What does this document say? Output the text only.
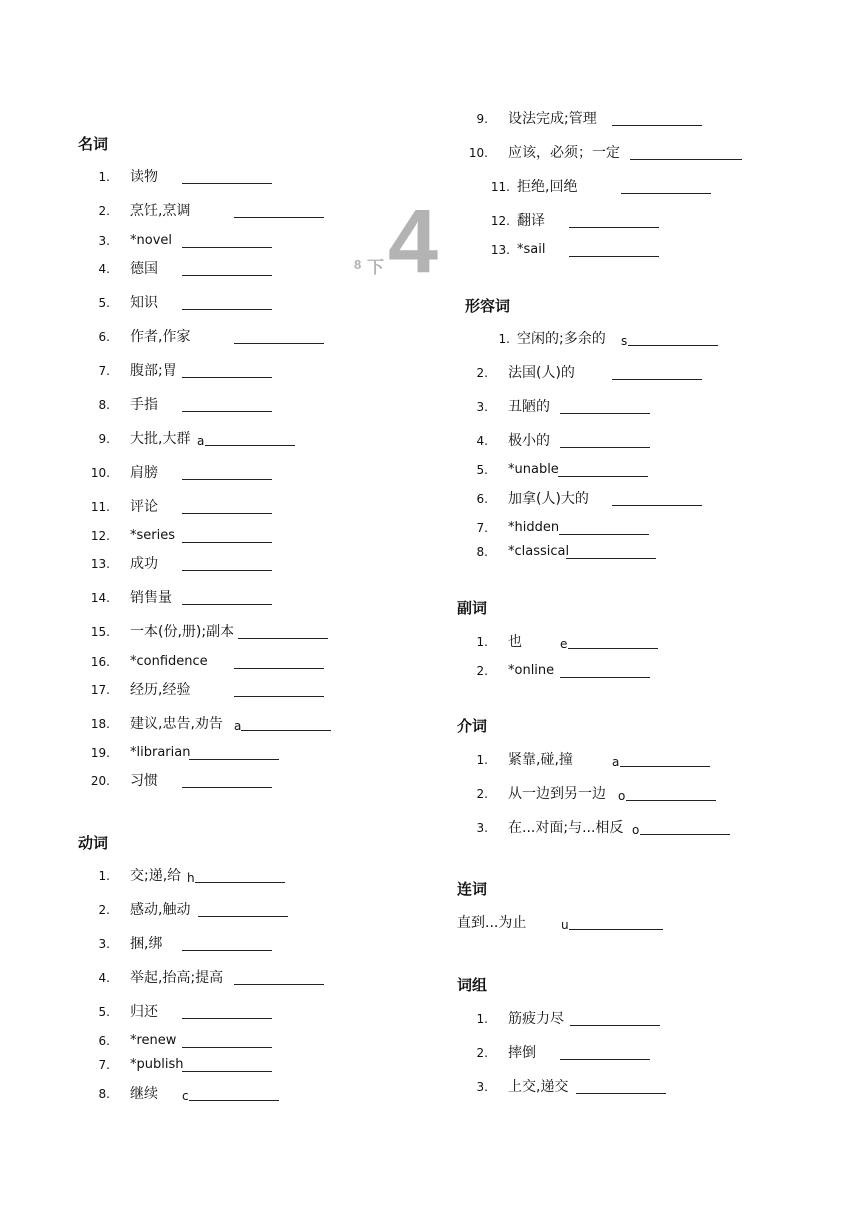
8 下 4
名词
动词
形容词
副词
介词
连词
词组
1. 读物
2. 烹饪,烹调
3. *novel
4. 德国
5. 知识
6. 作者,作家
7. 腹部;胃
8. 手指
9. 大批,大群 a
10. 肩膀
11. 评论
12. *series
13. 成功
14. 销售量
15. 一本(份,册);副本
16. *confidence
17. 经历,经验
18. 建议,忠告,劝告 a
19. *librarian
20. 习惯
1. 交;递,给 h
2. 感动,触动
3. 捆,绑
4. 举起,抬高;提高
5. 归还
6. *renew
7. *publish
8. 继续 c
9. 设法完成;管理
10. 应该，必须；一定
11. 拒绝,回绝
12. 翻译
13. *sail
1. 空闲的;多余的 s
2. 法国(人)的
3. 丑陋的
4. 极小的
5. *unable
6. 加拿(人)大的
7. *hidden
8. *classical
1. 也	e
2. *online
1. 紧靠,碰,撞	a
2. 从一边到另一边 o
3. 在...对面;与...相反 o
直到...为止	u
1. 筋疲力尽
2. 摔倒
3. 上交,递交
